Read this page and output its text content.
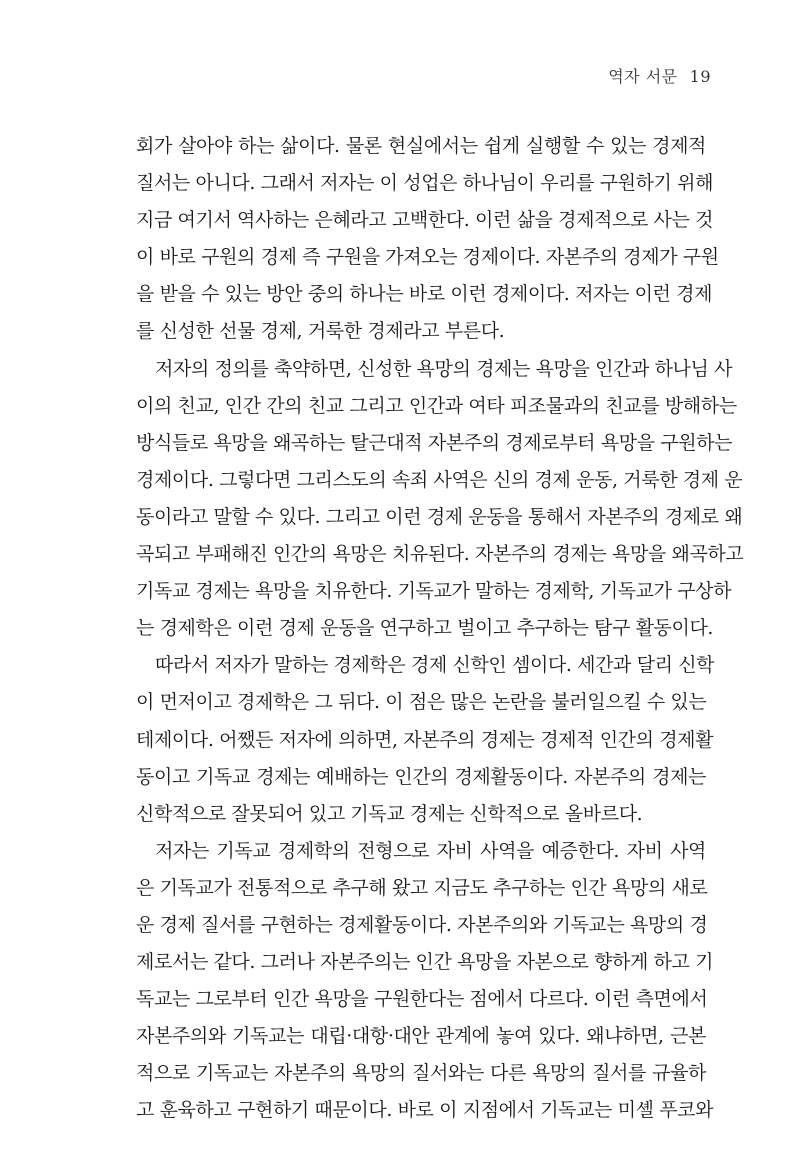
역자 서문 19
회가 살아야 하는 삶이다. 물론 현실에서는 쉽게 실행할 수 있는 경제적
질서는 아니다. 그래서 저자는 이 성업은 하나님이 우리를 구원하기 위해
지금 여기서 역사하는 은혜라고 고백한다. 이런 삶을 경제적으로 사는 것
이 바로 구원의 경제 즉 구원을 가져오는 경제이다. 자본주의 경제가 구원
을 받을 수 있는 방안 중의 하나는 바로 이런 경제이다. 저자는 이런 경제
를 신성한 선물 경제, 거룩한 경제라고 부른다.
저자의 정의를 축약하면, 신성한 욕망의 경제는 욕망을 인간과 하나님 사
이의 친교, 인간 간의 친교 그리고 인간과 여타 피조물과의 친교를 방해하는
방식들로 욕망을 왜곡하는 탈근대적 자본주의 경제로부터 욕망을 구원하는
경제이다. 그렇다면 그리스도의 속죄 사역은 신의 경제 운동, 거룩한 경제 운
동이라고 말할 수 있다. 그리고 이런 경제 운동을 통해서 자본주의 경제로 왜
곡되고 부패해진 인간의 욕망은 치유된다. 자본주의 경제는 욕망을 왜곡하고
기독교 경제는 욕망을 치유한다. 기독교가 말하는 경제학, 기독교가 구상하
는 경제학은 이런 경제 운동을 연구하고 벌이고 추구하는 탐구 활동이다.
따라서 저자가 말하는 경제학은 경제 신학인 셈이다. 세간과 달리 신학
이 먼저이고 경제학은 그 뒤다. 이 점은 많은 논란을 불러일으킬 수 있는
테제이다. 어쨌든 저자에 의하면, 자본주의 경제는 경제적 인간의 경제활
동이고 기독교 경제는 예배하는 인간의 경제활동이다. 자본주의 경제는
신학적으로 잘못되어 있고 기독교 경제는 신학적으로 올바르다.
저자는 기독교 경제학의 전형으로 자비 사역을 예증한다. 자비 사역
은 기독교가 전통적으로 추구해 왔고 지금도 추구하는 인간 욕망의 새로
운 경제 질서를 구현하는 경제활동이다. 자본주의와 기독교는 욕망의 경
제로서는 같다. 그러나 자본주의는 인간 욕망을 자본으로 향하게 하고 기
독교는 그로부터 인간 욕망을 구원한다는 점에서 다르다. 이런 측면에서
자본주의와 기독교는 대립·대항·대안 관계에 놓여 있다. 왜냐하면, 근본
적으로 기독교는 자본주의 욕망의 질서와는 다른 욕망의 질서를 규율하
고 훈육하고 구현하기 때문이다. 바로 이 지점에서 기독교는 미셸 푸코와
